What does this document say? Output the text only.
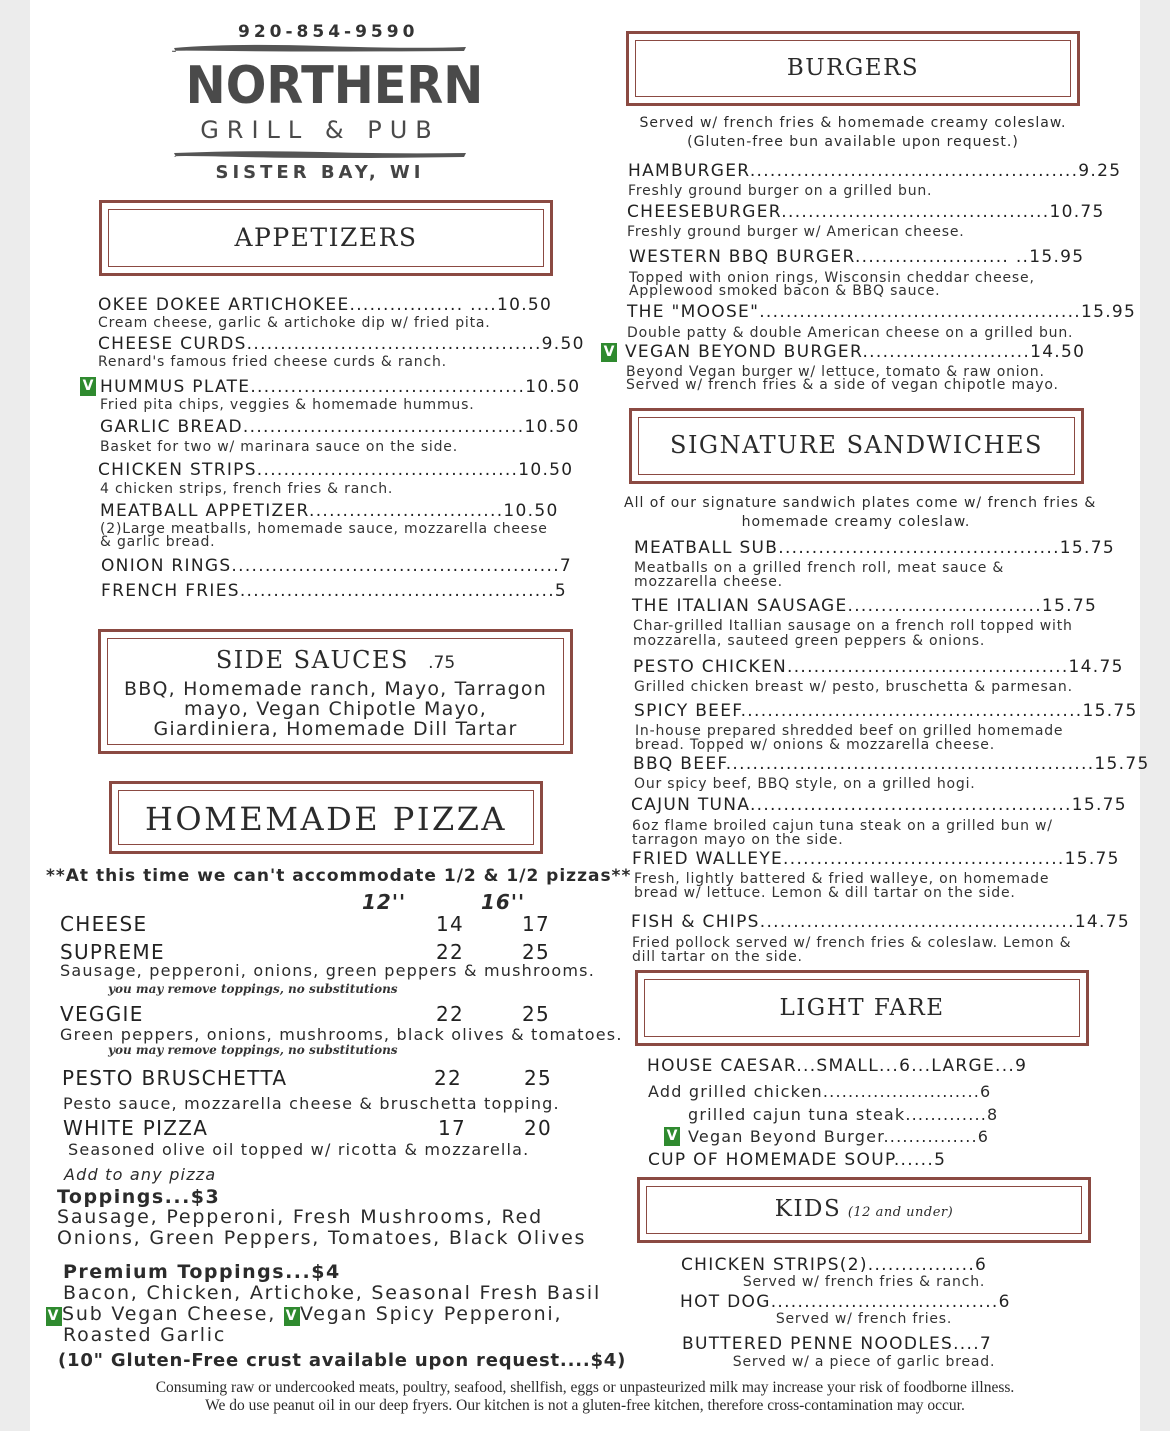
920-854-9590
NORTHERN
GRILL & PUB
SISTER BAY, WI
APPETIZERS
OKEE DOKEE ARTICHOKEE................. ....10.50
Cream cheese, garlic & artichoke dip w/ fried pita.
CHEESE CURDS............................................9.50
Renard's famous fried cheese curds & ranch.
V HUMMUS PLATE.........................................10.50
Fried pita chips, veggies & homemade hummus.
GARLIC BREAD..........................................10.50
Basket for two w/ marinara sauce on the side.
CHICKEN STRIPS.......................................10.50
4 chicken strips, french fries & ranch.
MEATBALL APPETIZER.............................10.50
(2)Large meatballs, homemade sauce, mozzarella cheese
& garlic bread.
ONION RINGS.................................................7
FRENCH FRIES...............................................5
SIDE SAUCES .75
BBQ, Homemade ranch, Mayo, Tarragon
mayo, Vegan Chipotle Mayo,
Giardiniera, Homemade Dill Tartar
HOMEMADE PIZZA
**At this time we can't accommodate 1/2 & 1/2 pizzas**
12''	16''
CHEESE	14	17
SUPREME	22	25
Sausage, pepperoni, onions, green peppers & mushrooms.
you may remove toppings, no substitutions
VEGGIE	22	25
Green peppers, onions, mushrooms, black olives & tomatoes.
you may remove toppings, no substitutions
PESTO BRUSCHETTA	22	25
Pesto sauce, mozzarella cheese & bruschetta topping.
WHITE PIZZA	17	20
Seasoned olive oil topped w/ ricotta & mozzarella.
Add to any pizza
Toppings...$3
Sausage, Pepperoni, Fresh Mushrooms, Red
Onions, Green Peppers, Tomatoes, Black Olives
Premium Toppings...$4
Bacon, Chicken, Artichoke, Seasonal Fresh Basil
VSub Vegan Cheese, VVegan Spicy Pepperoni,
Roasted Garlic
(10" Gluten-Free crust available upon request....$4)
BURGERS
Served w/ french fries & homemade creamy coleslaw.
(Gluten-free bun available upon request.)
HAMBURGER.................................................9.25
Freshly ground burger on a grilled bun.
CHEESEBURGER........................................10.75
Freshly ground burger w/ American cheese.
WESTERN BBQ BURGER....................... ..15.95
Topped with onion rings, Wisconsin cheddar cheese,
Applewood smoked bacon & BBQ sauce.
THE "MOOSE"................................................15.95
Double patty & double American cheese on a grilled bun.
V VEGAN BEYOND BURGER.........................14.50
Beyond Vegan burger w/ lettuce, tomato & raw onion.
Served w/ french fries & a side of vegan chipotle mayo.
SIGNATURE SANDWICHES
All of our signature sandwich plates come w/ french fries &
homemade creamy coleslaw.
MEATBALL SUB..........................................15.75
Meatballs on a grilled french roll, meat sauce &
mozzarella cheese.
THE ITALIAN SAUSAGE.............................15.75
Char-grilled Itallian sausage on a french roll topped with
mozzarella, sauteed green peppers & onions.
PESTO CHICKEN..........................................14.75
Grilled chicken breast w/ pesto, bruschetta & parmesan.
SPICY BEEF...................................................15.75
In-house prepared shredded beef on grilled homemade
bread. Topped w/ onions & mozzarella cheese.
BBQ BEEF.......................................................15.75
Our spicy beef, BBQ style, on a grilled hogi.
CAJUN TUNA................................................15.75
6oz flame broiled cajun tuna steak on a grilled bun w/
tarragon mayo on the side.
FRIED WALLEYE..........................................15.75
Fresh, lightly battered & fried walleye, on homemade
bread w/ lettuce. Lemon & dill tartar on the side.
FISH & CHIPS...............................................14.75
Fried pollock served w/ french fries & coleslaw. Lemon &
dill tartar on the side.
LIGHT FARE
HOUSE CAESAR...SMALL...6...LARGE...9
Add grilled chicken.........................6
grilled cajun tuna steak.............8
V Vegan Beyond Burger...............6
CUP OF HOMEMADE SOUP......5
KIDS (12 and under)
CHICKEN STRIPS(2)................6
Served w/ french fries & ranch.
HOT DOG..................................6
Served w/ french fries.
BUTTERED PENNE NOODLES....7
Served w/ a piece of garlic bread.
Consuming raw or undercooked meats, poultry, seafood, shellfish, eggs or unpasteurized milk may increase your risk of foodborne illness.
We do use peanut oil in our deep fryers. Our kitchen is not a gluten-free kitchen, therefore cross-contamination may occur.
